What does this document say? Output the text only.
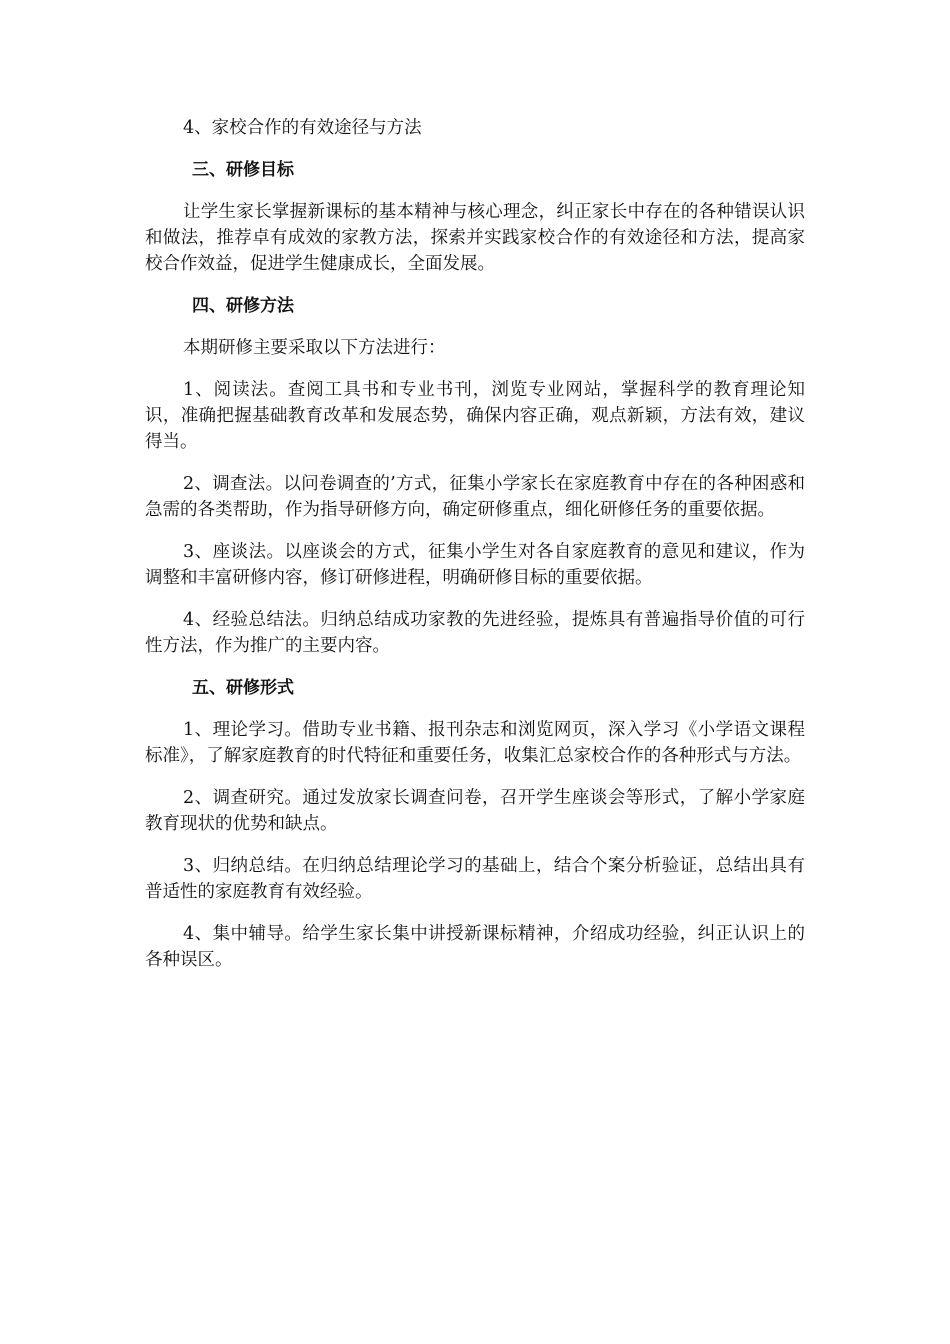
4、家校合作的有效途径与方法

三、研修目标

让学生家长掌握新课标的基本精神与核心理念，纠正家长中存在的各种错误认识和做法，推荐卓有成效的家教方法，探索并实践家校合作的有效途径和方法，提高家校合作效益，促进学生健康成长，全面发展。

四、研修方法

本期研修主要采取以下方法进行：

1、阅读法。查阅工具书和专业书刊，浏览专业网站，掌握科学的教育理论知识，准确把握基础教育改革和发展态势，确保内容正确，观点新颖，方法有效，建议得当。

2、调查法。以问卷调查的’方式，征集小学家长在家庭教育中存在的各种困惑和急需的各类帮助，作为指导研修方向，确定研修重点，细化研修任务的重要依据。

3、座谈法。以座谈会的方式，征集小学生对各自家庭教育的意见和建议，作为调整和丰富研修内容，修订研修进程，明确研修目标的重要依据。

4、经验总结法。归纳总结成功家教的先进经验，提炼具有普遍指导价值的可行性方法，作为推广的主要内容。

五、研修形式

1、理论学习。借助专业书籍、报刊杂志和浏览网页，深入学习《小学语文课程标准》，了解家庭教育的时代特征和重要任务，收集汇总家校合作的各种形式与方法。

2、调查研究。通过发放家长调查问卷，召开学生座谈会等形式，了解小学家庭教育现状的优势和缺点。

3、归纳总结。在归纳总结理论学习的基础上，结合个案分析验证，总结出具有普适性的家庭教育有效经验。

4、集中辅导。给学生家长集中讲授新课标精神，介绍成功经验，纠正认识上的各种误区。
